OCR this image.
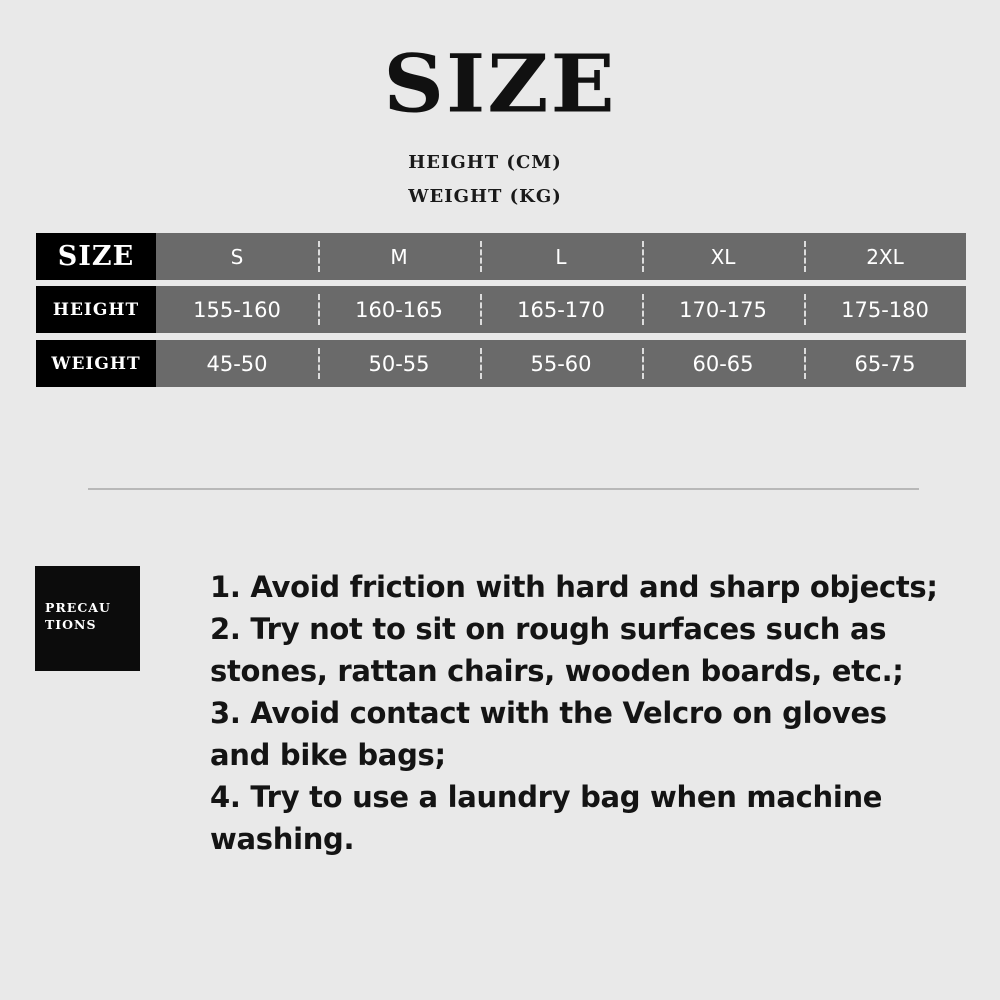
SIZE
HEIGHT (CM)
WEIGHT (KG)
SIZE	S	M	L	XL	2XL
HEIGHT	155-160	160-165	165-170	170-175	175-180
WEIGHT	45-50	50-55	55-60	60-65	65-75
PRECAU
TIONS
1. Avoid friction with hard and sharp objects;
2. Try not to sit on rough surfaces such as
stones, rattan chairs, wooden boards, etc.;
3. Avoid contact with the Velcro on gloves
and bike bags;
4. Try to use a laundry bag when machine
washing.
